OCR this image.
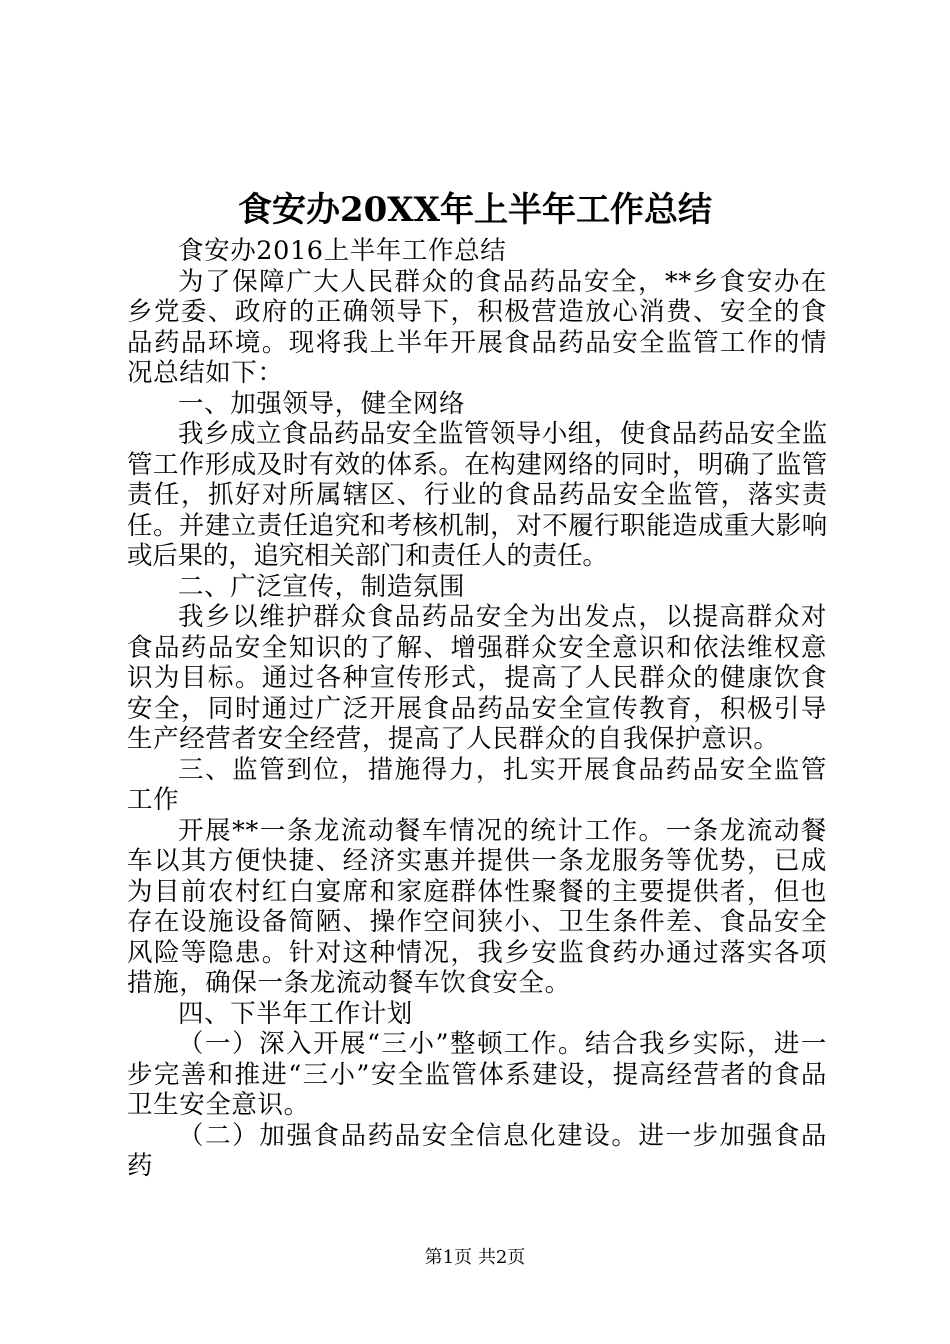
食安办20XX年上半年工作总结

食安办2016上半年工作总结

为了保障广大人民群众的食品药品安全，**乡食安办在乡党委、政府的正确领导下，积极营造放心消费、安全的食品药品环境。现将我上半年开展食品药品安全监管工作的情况总结如下：

一、加强领导，健全网络

我乡成立食品药品安全监管领导小组，使食品药品安全监管工作形成及时有效的体系。在构建网络的同时，明确了监管责任，抓好对所属辖区、行业的食品药品安全监管，落实责任。并建立责任追究和考核机制，对不履行职能造成重大影响或后果的，追究相关部门和责任人的责任。

二、广泛宣传，制造氛围

我乡以维护群众食品药品安全为出发点，以提高群众对食品药品安全知识的了解、增强群众安全意识和依法维权意识为目标。通过各种宣传形式，提高了人民群众的健康饮食安全，同时通过广泛开展食品药品安全宣传教育，积极引导生产经营者安全经营，提高了人民群众的自我保护意识。

三、监管到位，措施得力，扎实开展食品药品安全监管工作

开展**一条龙流动餐车情况的统计工作。一条龙流动餐车以其方便快捷、经济实惠并提供一条龙服务等优势，已成为目前农村红白宴席和家庭群体性聚餐的主要提供者，但也存在设施设备简陋、操作空间狭小、卫生条件差、食品安全风险等隐患。针对这种情况，我乡安监食药办通过落实各项措施，确保一条龙流动餐车饮食安全。

四、下半年工作计划

（一）深入开展“三小”整顿工作。结合我乡实际，进一步完善和推进“三小”安全监管体系建设，提高经营者的食品卫生安全意识。

（二）加强食品药品安全信息化建设。进一步加强食品药

第1页 共2页
